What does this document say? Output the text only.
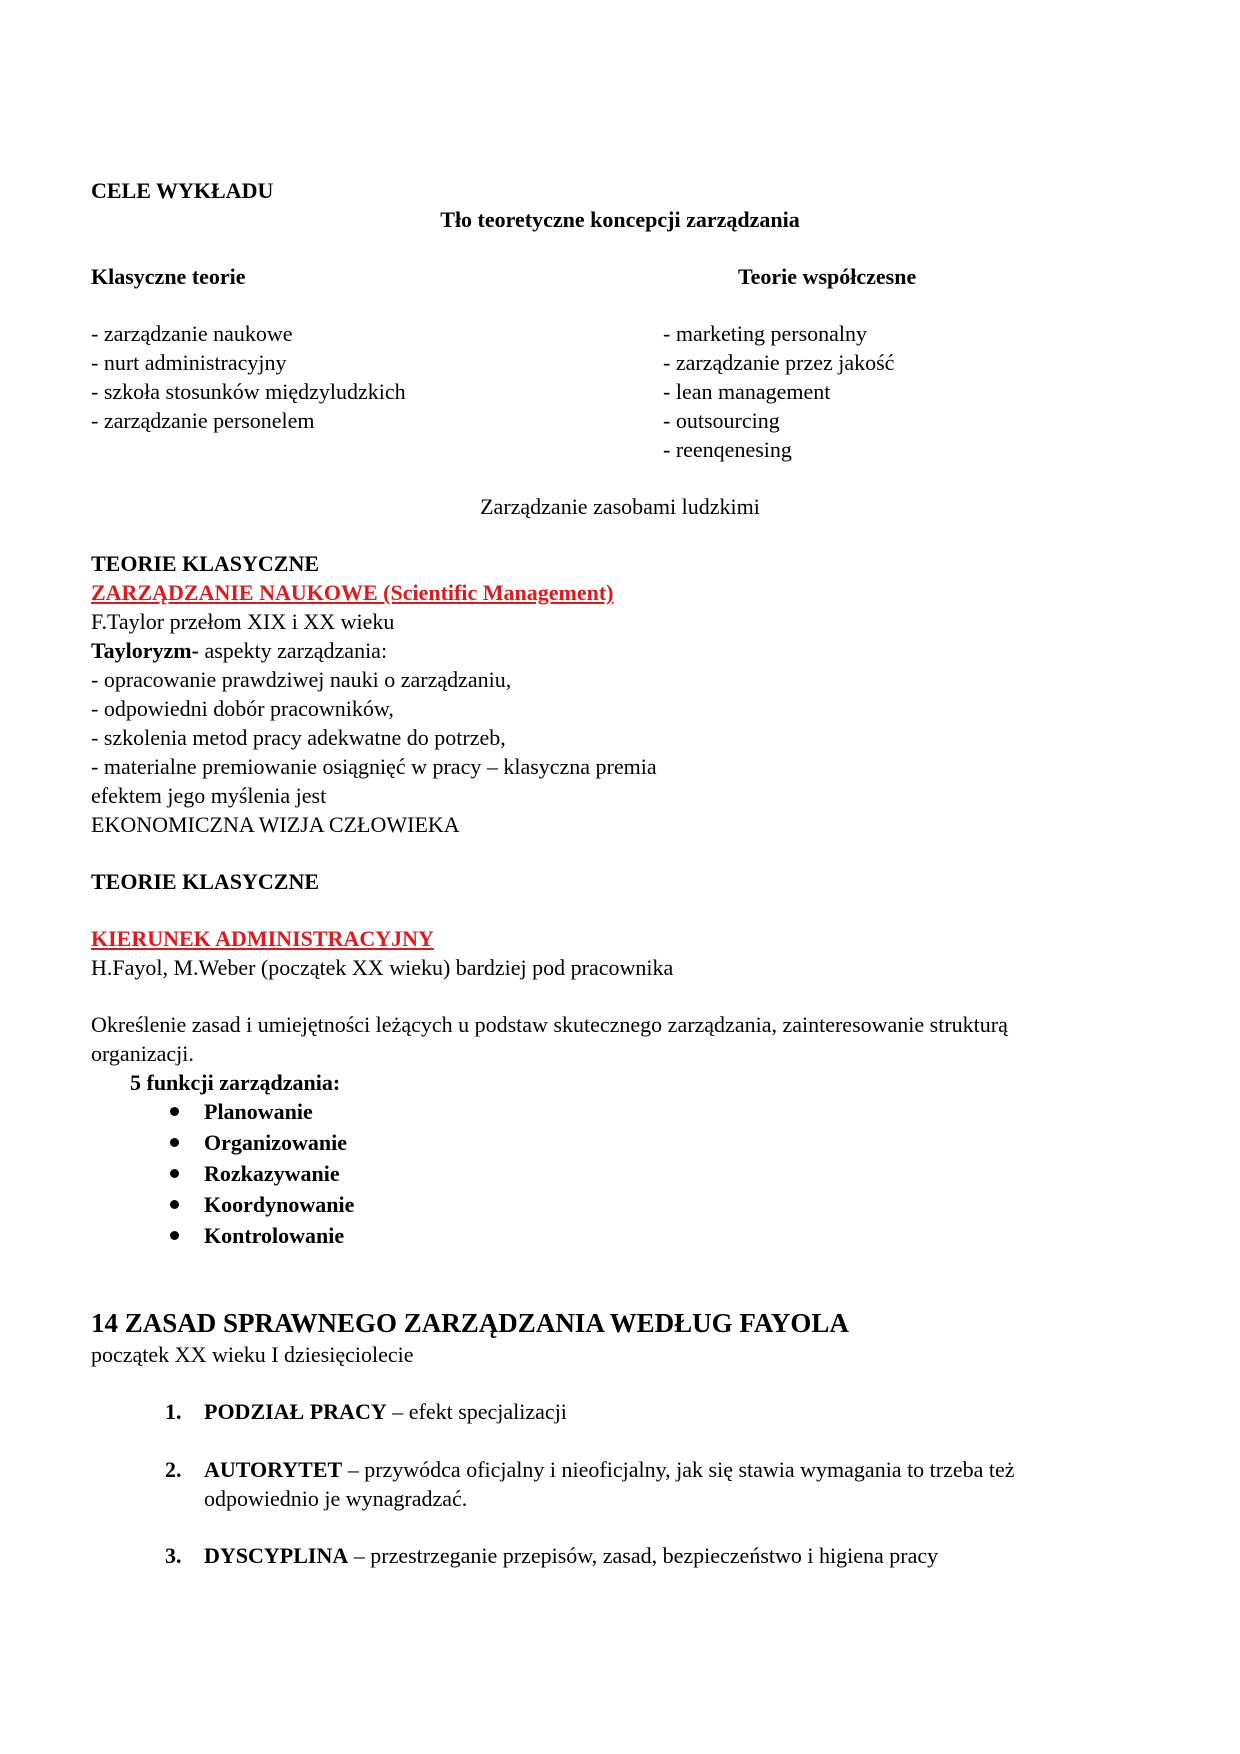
CELE WYKŁADU
Tło teoretyczne koncepcji zarządzania
Klasyczne teorie	Teorie współczesne
- zarządzanie naukowe
- nurt administracyjny
- szkoła stosunków międzyludzkich
- zarządzanie personelem
- marketing personalny
- zarządzanie przez jakość
- lean management
- outsourcing
- reenqenesing
Zarządzanie zasobami ludzkimi
TEORIE KLASYCZNE
ZARZĄDZANIE NAUKOWE (Scientific Management)
F.Taylor przełom XIX i XX wieku
Tayloryzm- aspekty zarządzania:
- opracowanie prawdziwej nauki o zarządzaniu,
- odpowiedni dobór pracowników,
- szkolenia metod pracy adekwatne do potrzeb,
- materialne premiowanie osiągnięć w pracy – klasyczna premia
efektem jego myślenia jest
EKONOMICZNA WIZJA CZŁOWIEKA
TEORIE KLASYCZNE
KIERUNEK ADMINISTRACYJNY
H.Fayol, M.Weber (początek XX wieku) bardziej pod pracownika
Określenie zasad i umiejętności leżących u podstaw skutecznego zarządzania, zainteresowanie strukturą
organizacji.
5 funkcji zarządzania:
Planowanie
Organizowanie
Rozkazywanie
Koordynowanie
Kontrolowanie
14 ZASAD SPRAWNEGO ZARZĄDZANIA WEDŁUG FAYOLA
początek XX wieku I dziesięciolecie
1. PODZIAŁ PRACY – efekt specjalizacji
2. AUTORYTET – przywódca oficjalny i nieoficjalny, jak się stawia wymagania to trzeba też
odpowiednio je wynagradzać.
3. DYSCYPLINA – przestrzeganie przepisów, zasad, bezpieczeństwo i higiena pracy
